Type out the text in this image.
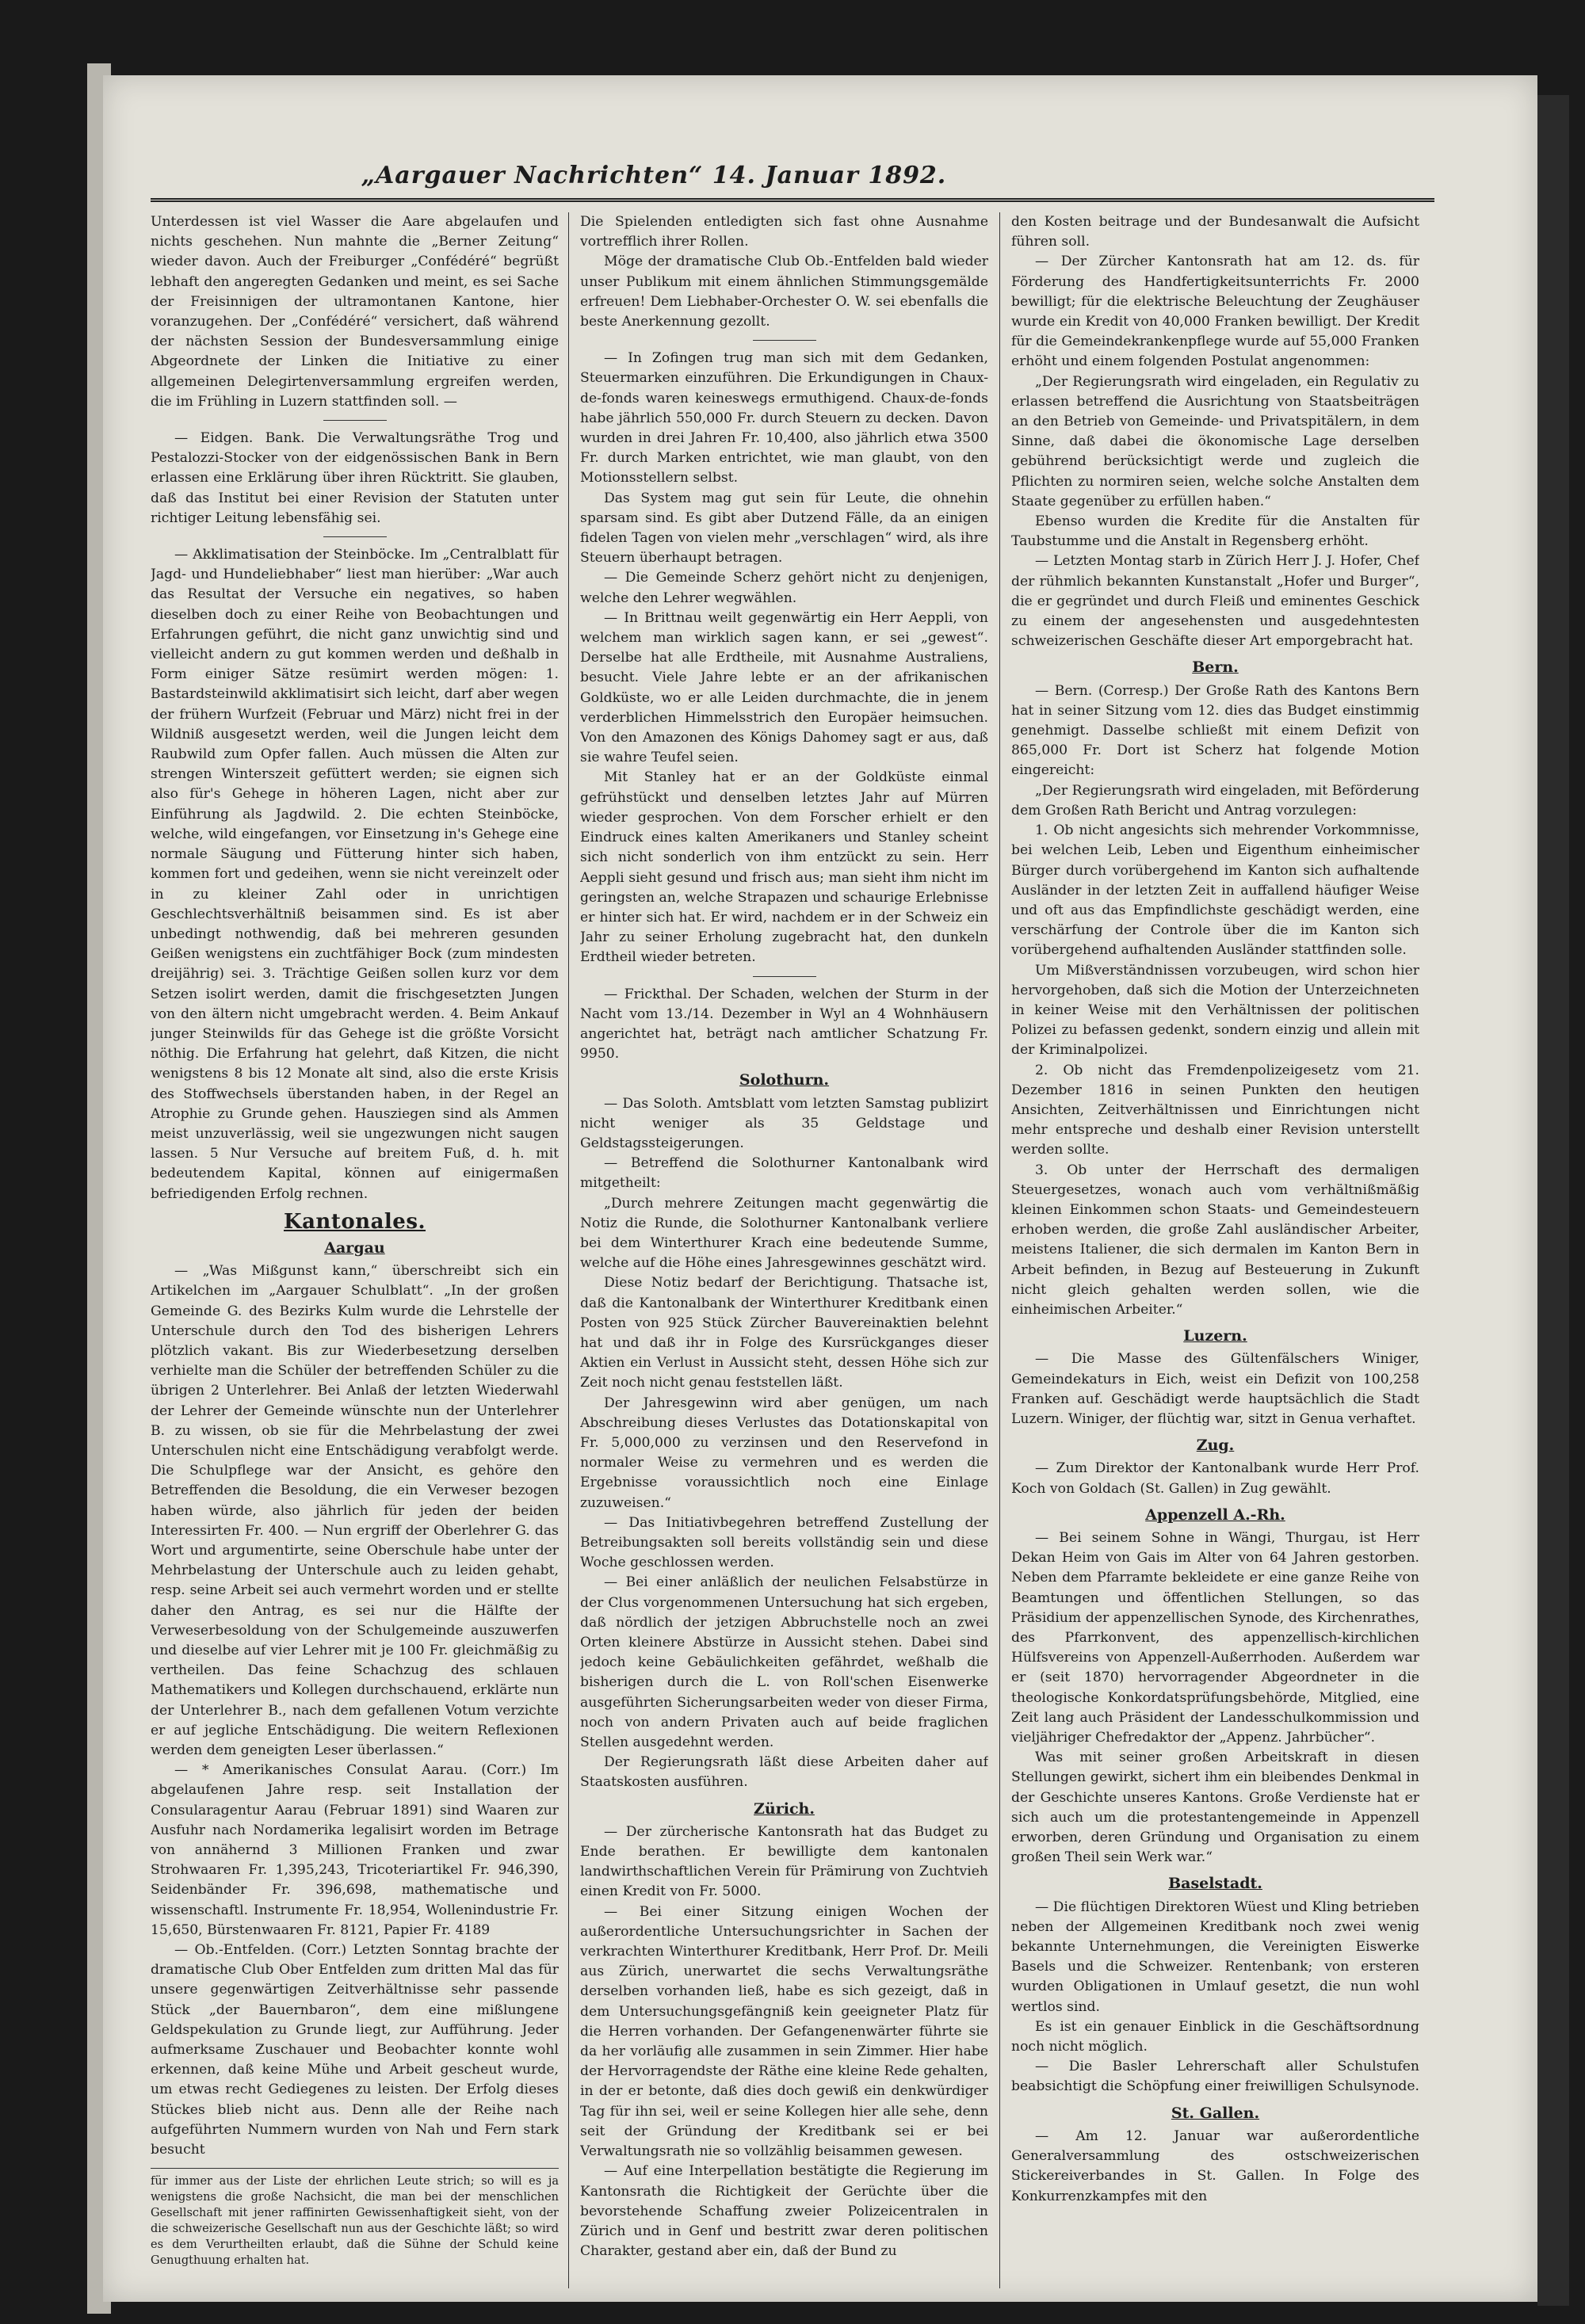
„Aargauer Nachrichten“ 14. Januar 1892.

Unterdessen ist viel Wasser die Aare abgelaufen und nichts geschehen. Nun mahnte die „Berner Zeitung“ wieder davon. Auch der Freiburger „Confédéré“ begrüßt lebhaft den angeregten Gedanken und meint, es sei Sache der Freisinnigen der ultramontanen Kantone, hier voranzugehen. Der „Confédéré“ versichert, daß während der nächsten Session der Bundesversammlung einige Abgeordnete der Linken die Initiative zu einer allgemeinen Delegirtenversammlung ergreifen werden, die im Frühling in Luzern stattfinden soll. —

— Eidgen. Bank. Die Verwaltungsräthe Trog und Pestalozzi-Stocker von der eidgenössischen Bank in Bern erlassen eine Erklärung über ihren Rücktritt. Sie glauben, daß das Institut bei einer Revision der Statuten unter richtiger Leitung lebensfähig sei.

— Akklimatisation der Steinböcke. Im „Centralblatt für Jagd- und Hundeliebhaber“ liest man hierüber: „War auch das Resultat der Versuche ein negatives, so haben dieselben doch zu einer Reihe von Beobachtungen und Erfahrungen geführt, die nicht ganz unwichtig sind und vielleicht andern zu gut kommen werden und deßhalb in Form einiger Sätze resümirt werden mögen: 1. Bastardsteinwild akklimatisirt sich leicht, darf aber wegen der frühern Wurfzeit (Februar und März) nicht frei in der Wildniß ausgesetzt werden, weil die Jungen leicht dem Raubwild zum Opfer fallen. Auch müssen die Alten zur strengen Winterszeit gefüttert werden; sie eignen sich also für's Gehege in höheren Lagen, nicht aber zur Einführung als Jagdwild. 2. Die echten Steinböcke, welche, wild eingefangen, vor Einsetzung in's Gehege eine normale Säugung und Fütterung hinter sich haben, kommen fort und gedeihen, wenn sie nicht vereinzelt oder in zu kleiner Zahl oder in unrichtigen Geschlechtsverhältniß beisammen sind. Es ist aber unbedingt nothwendig, daß bei mehreren gesunden Geißen wenigstens ein zuchtfähiger Bock (zum mindesten dreijährig) sei. 3. Trächtige Geißen sollen kurz vor dem Setzen isolirt werden, damit die frischgesetzten Jungen von den ältern nicht umgebracht werden. 4. Beim Ankauf junger Steinwilds für das Gehege ist die größte Vorsicht nöthig. Die Erfahrung hat gelehrt, daß Kitzen, die nicht wenigstens 8 bis 12 Monate alt sind, also die erste Krisis des Stoffwechsels überstanden haben, in der Regel an Atrophie zu Grunde gehen. Hausziegen sind als Ammen meist unzuverlässig, weil sie ungezwungen nicht saugen lassen. 5 Nur Versuche auf breitem Fuß, d. h. mit bedeutendem Kapital, können auf einigermaßen befriedigenden Erfolg rechnen.

Kantonales.
Aargau

— „Was Mißgunst kann,“ überschreibt sich ein Artikelchen im „Aargauer Schulblatt“. „In der großen Gemeinde G. des Bezirks Kulm wurde die Lehrstelle der Unterschule durch den Tod des bisherigen Lehrers plötzlich vakant. Bis zur Wiederbesetzung derselben verhielte man die Schüler der betreffenden Schüler zu die übrigen 2 Unterlehrer. Bei Anlaß der letzten Wiederwahl der Lehrer der Gemeinde wünschte nun der Unterlehrer B. zu wissen, ob sie für die Mehrbelastung der zwei Unterschulen nicht eine Entschädigung verabfolgt werde. Die Schulpflege war der Ansicht, es gehöre den Betreffenden die Besoldung, die ein Verweser bezogen haben würde, also jährlich für jeden der beiden Interessirten Fr. 400. — Nun ergriff der Oberlehrer G. das Wort und argumentirte, seine Oberschule habe unter der Mehrbelastung der Unterschule auch zu leiden gehabt, resp. seine Arbeit sei auch vermehrt worden und er stellte daher den Antrag, es sei nur die Hälfte der Verweserbesoldung von der Schulgemeinde auszuwerfen und dieselbe auf vier Lehrer mit je 100 Fr. gleichmäßig zu vertheilen. Das feine Schachzug des schlauen Mathematikers und Kollegen durchschauend, erklärte nun der Unterlehrer B., nach dem gefallenen Votum verzichte er auf jegliche Entschädigung. Die weitern Reflexionen werden dem geneigten Leser überlassen.“

— * Amerikanisches Consulat Aarau. (Corr.) Im abgelaufenen Jahre resp. seit Installation der Consularagentur Aarau (Februar 1891) sind Waaren zur Ausfuhr nach Nordamerika legalisirt worden im Betrage von annähernd 3 Millionen Franken und zwar Strohwaaren Fr. 1,395,243, Tricoteriartikel Fr. 946,390, Seidenbänder Fr. 396,698, mathematische und wissenschaftl. Instrumente Fr. 18,954, Wollenindustrie Fr. 15,650, Bürstenwaaren Fr. 8121, Papier Fr. 4189

— Ob.-Entfelden. (Corr.) Letzten Sonntag brachte der dramatische Club Ober Entfelden zum dritten Mal das für unsere gegenwärtigen Zeitverhältnisse sehr passende Stück „der Bauernbaron“, dem eine mißlungene Geldspekulation zu Grunde liegt, zur Aufführung. Jeder aufmerksame Zuschauer und Beobachter konnte wohl erkennen, daß keine Mühe und Arbeit gescheut wurde, um etwas recht Gediegenes zu leisten. Der Erfolg dieses Stückes blieb nicht aus. Denn alle der Reihe nach aufgeführten Nummern wurden von Nah und Fern stark besucht

für immer aus der Liste der ehrlichen Leute strich; so will es ja wenigstens die große Nachsicht, die man bei der menschlichen Gesellschaft mit jener raffinirten Gewissenhaftigkeit sieht, von der die schweizerische Gesellschaft nun aus der Geschichte läßt; so wird es dem Verurtheilten erlaubt, daß die Sühne der Schuld keine Genugthuung erhalten hat.

Die Spielenden entledigten sich fast ohne Ausnahme vortrefflich ihrer Rollen.

Möge der dramatische Club Ob.-Entfelden bald wieder unser Publikum mit einem ähnlichen Stimmungsgemälde erfreuen! Dem Liebhaber-Orchester O. W. sei ebenfalls die beste Anerkennung gezollt.

— In Zofingen trug man sich mit dem Gedanken, Steuermarken einzuführen. Die Erkundigungen in Chaux-de-fonds waren keineswegs ermuthigend. Chaux-de-fonds habe jährlich 550,000 Fr. durch Steuern zu decken. Davon wurden in drei Jahren Fr. 10,400, also jährlich etwa 3500 Fr. durch Marken entrichtet, wie man glaubt, von den Motionsstellern selbst.

Das System mag gut sein für Leute, die ohnehin sparsam sind. Es gibt aber Dutzend Fälle, da an einigen fidelen Tagen von vielen mehr „verschlagen“ wird, als ihre Steuern überhaupt betragen.

— Die Gemeinde Scherz gehört nicht zu denjenigen, welche den Lehrer wegwählen.

— In Brittnau weilt gegenwärtig ein Herr Aeppli, von welchem man wirklich sagen kann, er sei „gewest“. Derselbe hat alle Erdtheile, mit Ausnahme Australiens, besucht. Viele Jahre lebte er an der afrikanischen Goldküste, wo er alle Leiden durchmachte, die in jenem verderblichen Himmelsstrich den Europäer heimsuchen. Von den Amazonen des Königs Dahomey sagt er aus, daß sie wahre Teufel seien.

Mit Stanley hat er an der Goldküste einmal gefrühstückt und denselben letztes Jahr auf Mürren wieder gesprochen. Von dem Forscher erhielt er den Eindruck eines kalten Amerikaners und Stanley scheint sich nicht sonderlich von ihm entzückt zu sein. Herr Aeppli sieht gesund und frisch aus; man sieht ihm nicht im geringsten an, welche Strapazen und schaurige Erlebnisse er hinter sich hat. Er wird, nachdem er in der Schweiz ein Jahr zu seiner Erholung zugebracht hat, den dunkeln Erdtheil wieder betreten.

— Frickthal. Der Schaden, welchen der Sturm in der Nacht vom 13./14. Dezember in Wyl an 4 Wohnhäusern angerichtet hat, beträgt nach amtlicher Schatzung Fr. 9950.

Solothurn.

— Das Soloth. Amtsblatt vom letzten Samstag publizirt nicht weniger als 35 Geldstage und Geldstagssteigerungen.

— Betreffend die Solothurner Kantonalbank wird mitgetheilt:

„Durch mehrere Zeitungen macht gegenwärtig die Notiz die Runde, die Solothurner Kantonalbank verliere bei dem Winterthurer Krach eine bedeutende Summe, welche auf die Höhe eines Jahresgewinnes geschätzt wird.

Diese Notiz bedarf der Berichtigung. Thatsache ist, daß die Kantonalbank der Winterthurer Kreditbank einen Posten von 925 Stück Zürcher Bauvereinaktien belehnt hat und daß ihr in Folge des Kursrückganges dieser Aktien ein Verlust in Aussicht steht, dessen Höhe sich zur Zeit noch nicht genau feststellen läßt.

Der Jahresgewinn wird aber genügen, um nach Abschreibung dieses Verlustes das Dotationskapital von Fr. 5,000,000 zu verzinsen und den Reservefond in normaler Weise zu vermehren und es werden die Ergebnisse voraussichtlich noch eine Einlage zuzuweisen.“

— Das Initiativbegehren betreffend Zustellung der Betreibungsakten soll bereits vollständig sein und diese Woche geschlossen werden.

— Bei einer anläßlich der neulichen Felsabstürze in der Clus vorgenommenen Untersuchung hat sich ergeben, daß nördlich der jetzigen Abbruchstelle noch an zwei Orten kleinere Abstürze in Aussicht stehen. Dabei sind jedoch keine Gebäulichkeiten gefährdet, weßhalb die bisherigen durch die L. von Roll'schen Eisenwerke ausgeführten Sicherungsarbeiten weder von dieser Firma, noch von andern Privaten auch auf beide fraglichen Stellen ausgedehnt werden.

Der Regierungsrath läßt diese Arbeiten daher auf Staatskosten ausführen.

Zürich.

— Der zürcherische Kantonsrath hat das Budget zu Ende berathen. Er bewilligte dem kantonalen landwirthschaftlichen Verein für Prämirung von Zuchtvieh einen Kredit von Fr. 5000.

— Bei einer Sitzung einigen Wochen der außerordentliche Untersuchungsrichter in Sachen der verkrachten Winterthurer Kreditbank, Herr Prof. Dr. Meili aus Zürich, unerwartet die sechs Verwaltungsräthe derselben vorhanden ließ, habe es sich gezeigt, daß in dem Untersuchungsgefängniß kein geeigneter Platz für die Herren vorhanden. Der Gefangenenwärter führte sie da her vorläufig alle zusammen in sein Zimmer. Hier habe der Hervorragendste der Räthe eine kleine Rede gehalten, in der er betonte, daß dies doch gewiß ein denkwürdiger Tag für ihn sei, weil er seine Kollegen hier alle sehe, denn seit der Gründung der Kreditbank sei er bei Verwaltungsrath nie so vollzählig beisammen gewesen.

— Auf eine Interpellation bestätigte die Regierung im Kantonsrath die Richtigkeit der Gerüchte über die bevorstehende Schaffung zweier Polizeicentralen in Zürich und in Genf und bestritt zwar deren politischen Charakter, gestand aber ein, daß der Bund zu

den Kosten beitrage und der Bundesanwalt die Aufsicht führen soll.

— Der Zürcher Kantonsrath hat am 12. ds. für Förderung des Handfertigkeitsunterrichts Fr. 2000 bewilligt; für die elektrische Beleuchtung der Zeughäuser wurde ein Kredit von 40,000 Franken bewilligt. Der Kredit für die Gemeindekrankenpflege wurde auf 55,000 Franken erhöht und einem folgenden Postulat angenommen:

„Der Regierungsrath wird eingeladen, ein Regulativ zu erlassen betreffend die Ausrichtung von Staatsbeiträgen an den Betrieb von Gemeinde- und Privatspitälern, in dem Sinne, daß dabei die ökonomische Lage derselben gebührend berücksichtigt werde und zugleich die Pflichten zu normiren seien, welche solche Anstalten dem Staate gegenüber zu erfüllen haben.“

Ebenso wurden die Kredite für die Anstalten für Taubstumme und die Anstalt in Regensberg erhöht.

— Letzten Montag starb in Zürich Herr J. J. Hofer, Chef der rühmlich bekannten Kunstanstalt „Hofer und Burger“, die er gegründet und durch Fleiß und eminentes Geschick zu einem der angesehensten und ausgedehntesten schweizerischen Geschäfte dieser Art emporgebracht hat.

Bern.

— Bern. (Corresp.) Der Große Rath des Kantons Bern hat in seiner Sitzung vom 12. dies das Budget einstimmig genehmigt. Dasselbe schließt mit einem Defizit von 865,000 Fr. Dort ist Scherz hat folgende Motion eingereicht:

„Der Regierungsrath wird eingeladen, mit Beförderung dem Großen Rath Bericht und Antrag vorzulegen:

1. Ob nicht angesichts sich mehrender Vorkommnisse, bei welchen Leib, Leben und Eigenthum einheimischer Bürger durch vorübergehend im Kanton sich aufhaltende Ausländer in der letzten Zeit in auffallend häufiger Weise und oft aus das Empfindlichste geschädigt werden, eine verschärfung der Controle über die im Kanton sich vorübergehend aufhaltenden Ausländer stattfinden solle.

Um Mißverständnissen vorzubeugen, wird schon hier hervorgehoben, daß sich die Motion der Unterzeichneten in keiner Weise mit den Verhältnissen der politischen Polizei zu befassen gedenkt, sondern einzig und allein mit der Kriminalpolizei.

2. Ob nicht das Fremdenpolizeigesetz vom 21. Dezember 1816 in seinen Punkten den heutigen Ansichten, Zeitverhältnissen und Einrichtungen nicht mehr entspreche und deshalb einer Revision unterstellt werden sollte.

3. Ob unter der Herrschaft des dermaligen Steuergesetzes, wonach auch vom verhältnißmäßig kleinen Einkommen schon Staats- und Gemeindesteuern erhoben werden, die große Zahl ausländischer Arbeiter, meistens Italiener, die sich dermalen im Kanton Bern in Arbeit befinden, in Bezug auf Besteuerung in Zukunft nicht gleich gehalten werden sollen, wie die einheimischen Arbeiter.“

Luzern.

— Die Masse des Gültenfälschers Winiger, Gemeindekaturs in Eich, weist ein Defizit von 100,258 Franken auf. Geschädigt werde hauptsächlich die Stadt Luzern. Winiger, der flüchtig war, sitzt in Genua verhaftet.

Zug.

— Zum Direktor der Kantonalbank wurde Herr Prof. Koch von Goldach (St. Gallen) in Zug gewählt.

Appenzell A.-Rh.

— Bei seinem Sohne in Wängi, Thurgau, ist Herr Dekan Heim von Gais im Alter von 64 Jahren gestorben. Neben dem Pfarramte bekleidete er eine ganze Reihe von Beamtungen und öffentlichen Stellungen, so das Präsidium der appenzellischen Synode, des Kirchenrathes, des Pfarrkonvent, des appenzellisch-kirchlichen Hülfsvereins von Appenzell-Außerrhoden. Außerdem war er (seit 1870) hervorragender Abgeordneter in die theologische Konkordatsprüfungsbehörde, Mitglied, eine Zeit lang auch Präsident der Landesschulkommission und vieljähriger Chefredaktor der „Appenz. Jahrbücher“.

Was mit seiner großen Arbeitskraft in diesen Stellungen gewirkt, sichert ihm ein bleibendes Denkmal in der Geschichte unseres Kantons. Große Verdienste hat er sich auch um die protestantengemeinde in Appenzell erworben, deren Gründung und Organisation zu einem großen Theil sein Werk war.“

Baselstadt.

— Die flüchtigen Direktoren Wüest und Kling betrieben neben der Allgemeinen Kreditbank noch zwei wenig bekannte Unternehmungen, die Vereinigten Eiswerke Basels und die Schweizer. Rentenbank; von ersteren wurden Obligationen in Umlauf gesetzt, die nun wohl wertlos sind.

Es ist ein genauer Einblick in die Geschäftsordnung noch nicht möglich.

— Die Basler Lehrerschaft aller Schulstufen beabsichtigt die Schöpfung einer freiwilligen Schulsynode.

St. Gallen.

— Am 12. Januar war außerordentliche Generalversammlung des ostschweizerischen Stickereiverbandes in St. Gallen. In Folge des Konkurrenzkampfes mit den
